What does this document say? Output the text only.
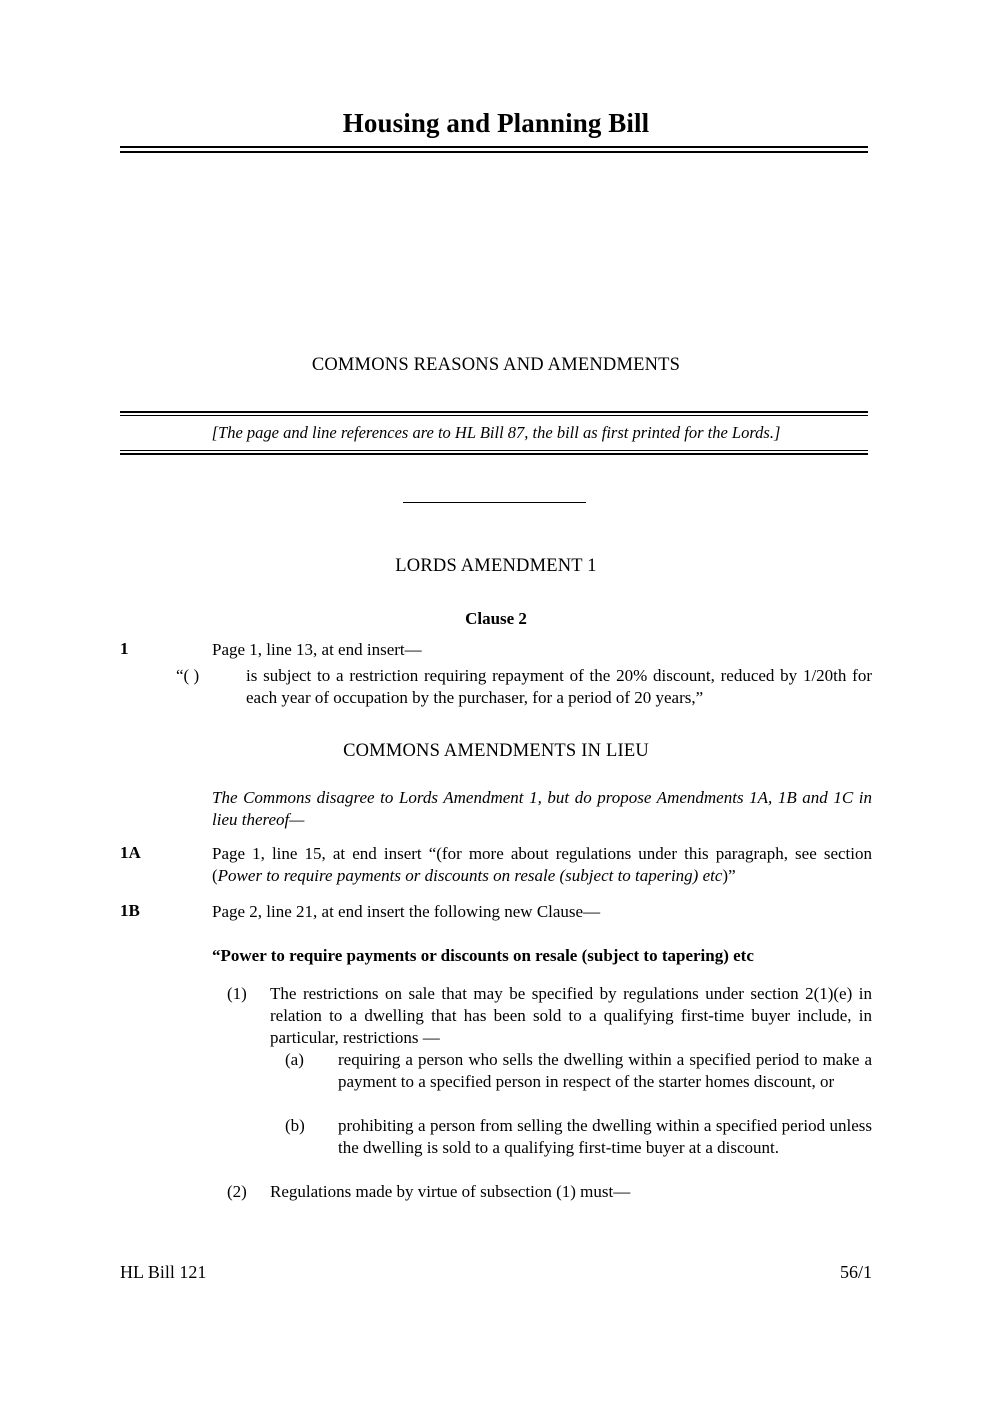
Housing and Planning Bill
COMMONS REASONS AND AMENDMENTS
[The page and line references are to HL Bill 87, the bill as first printed for the Lords.]
LORDS AMENDMENT 1
Clause 2
1	Page 1, line 13, at end insert—
“( )	is subject to a restriction requiring repayment of the 20% discount, reduced by 1/20th for each year of occupation by the purchaser, for a period of 20 years,”
COMMONS AMENDMENTS IN LIEU
The Commons disagree to Lords Amendment 1, but do propose Amendments 1A, 1B and 1C in lieu thereof—
1A	Page 1, line 15, at end insert “(for more about regulations under this paragraph, see section (Power to require payments or discounts on resale (subject to tapering) etc)”
1B	Page 2, line 21, at end insert the following new Clause—
“Power to require payments or discounts on resale (subject to tapering) etc
(1)	The restrictions on sale that may be specified by regulations under section 2(1)(e) in relation to a dwelling that has been sold to a qualifying first-time buyer include, in particular, restrictions —
(a)	requiring a person who sells the dwelling within a specified period to make a payment to a specified person in respect of the starter homes discount, or
(b)	prohibiting a person from selling the dwelling within a specified period unless the dwelling is sold to a qualifying first-time buyer at a discount.
(2)	Regulations made by virtue of subsection (1) must—
HL Bill 121	56/1
